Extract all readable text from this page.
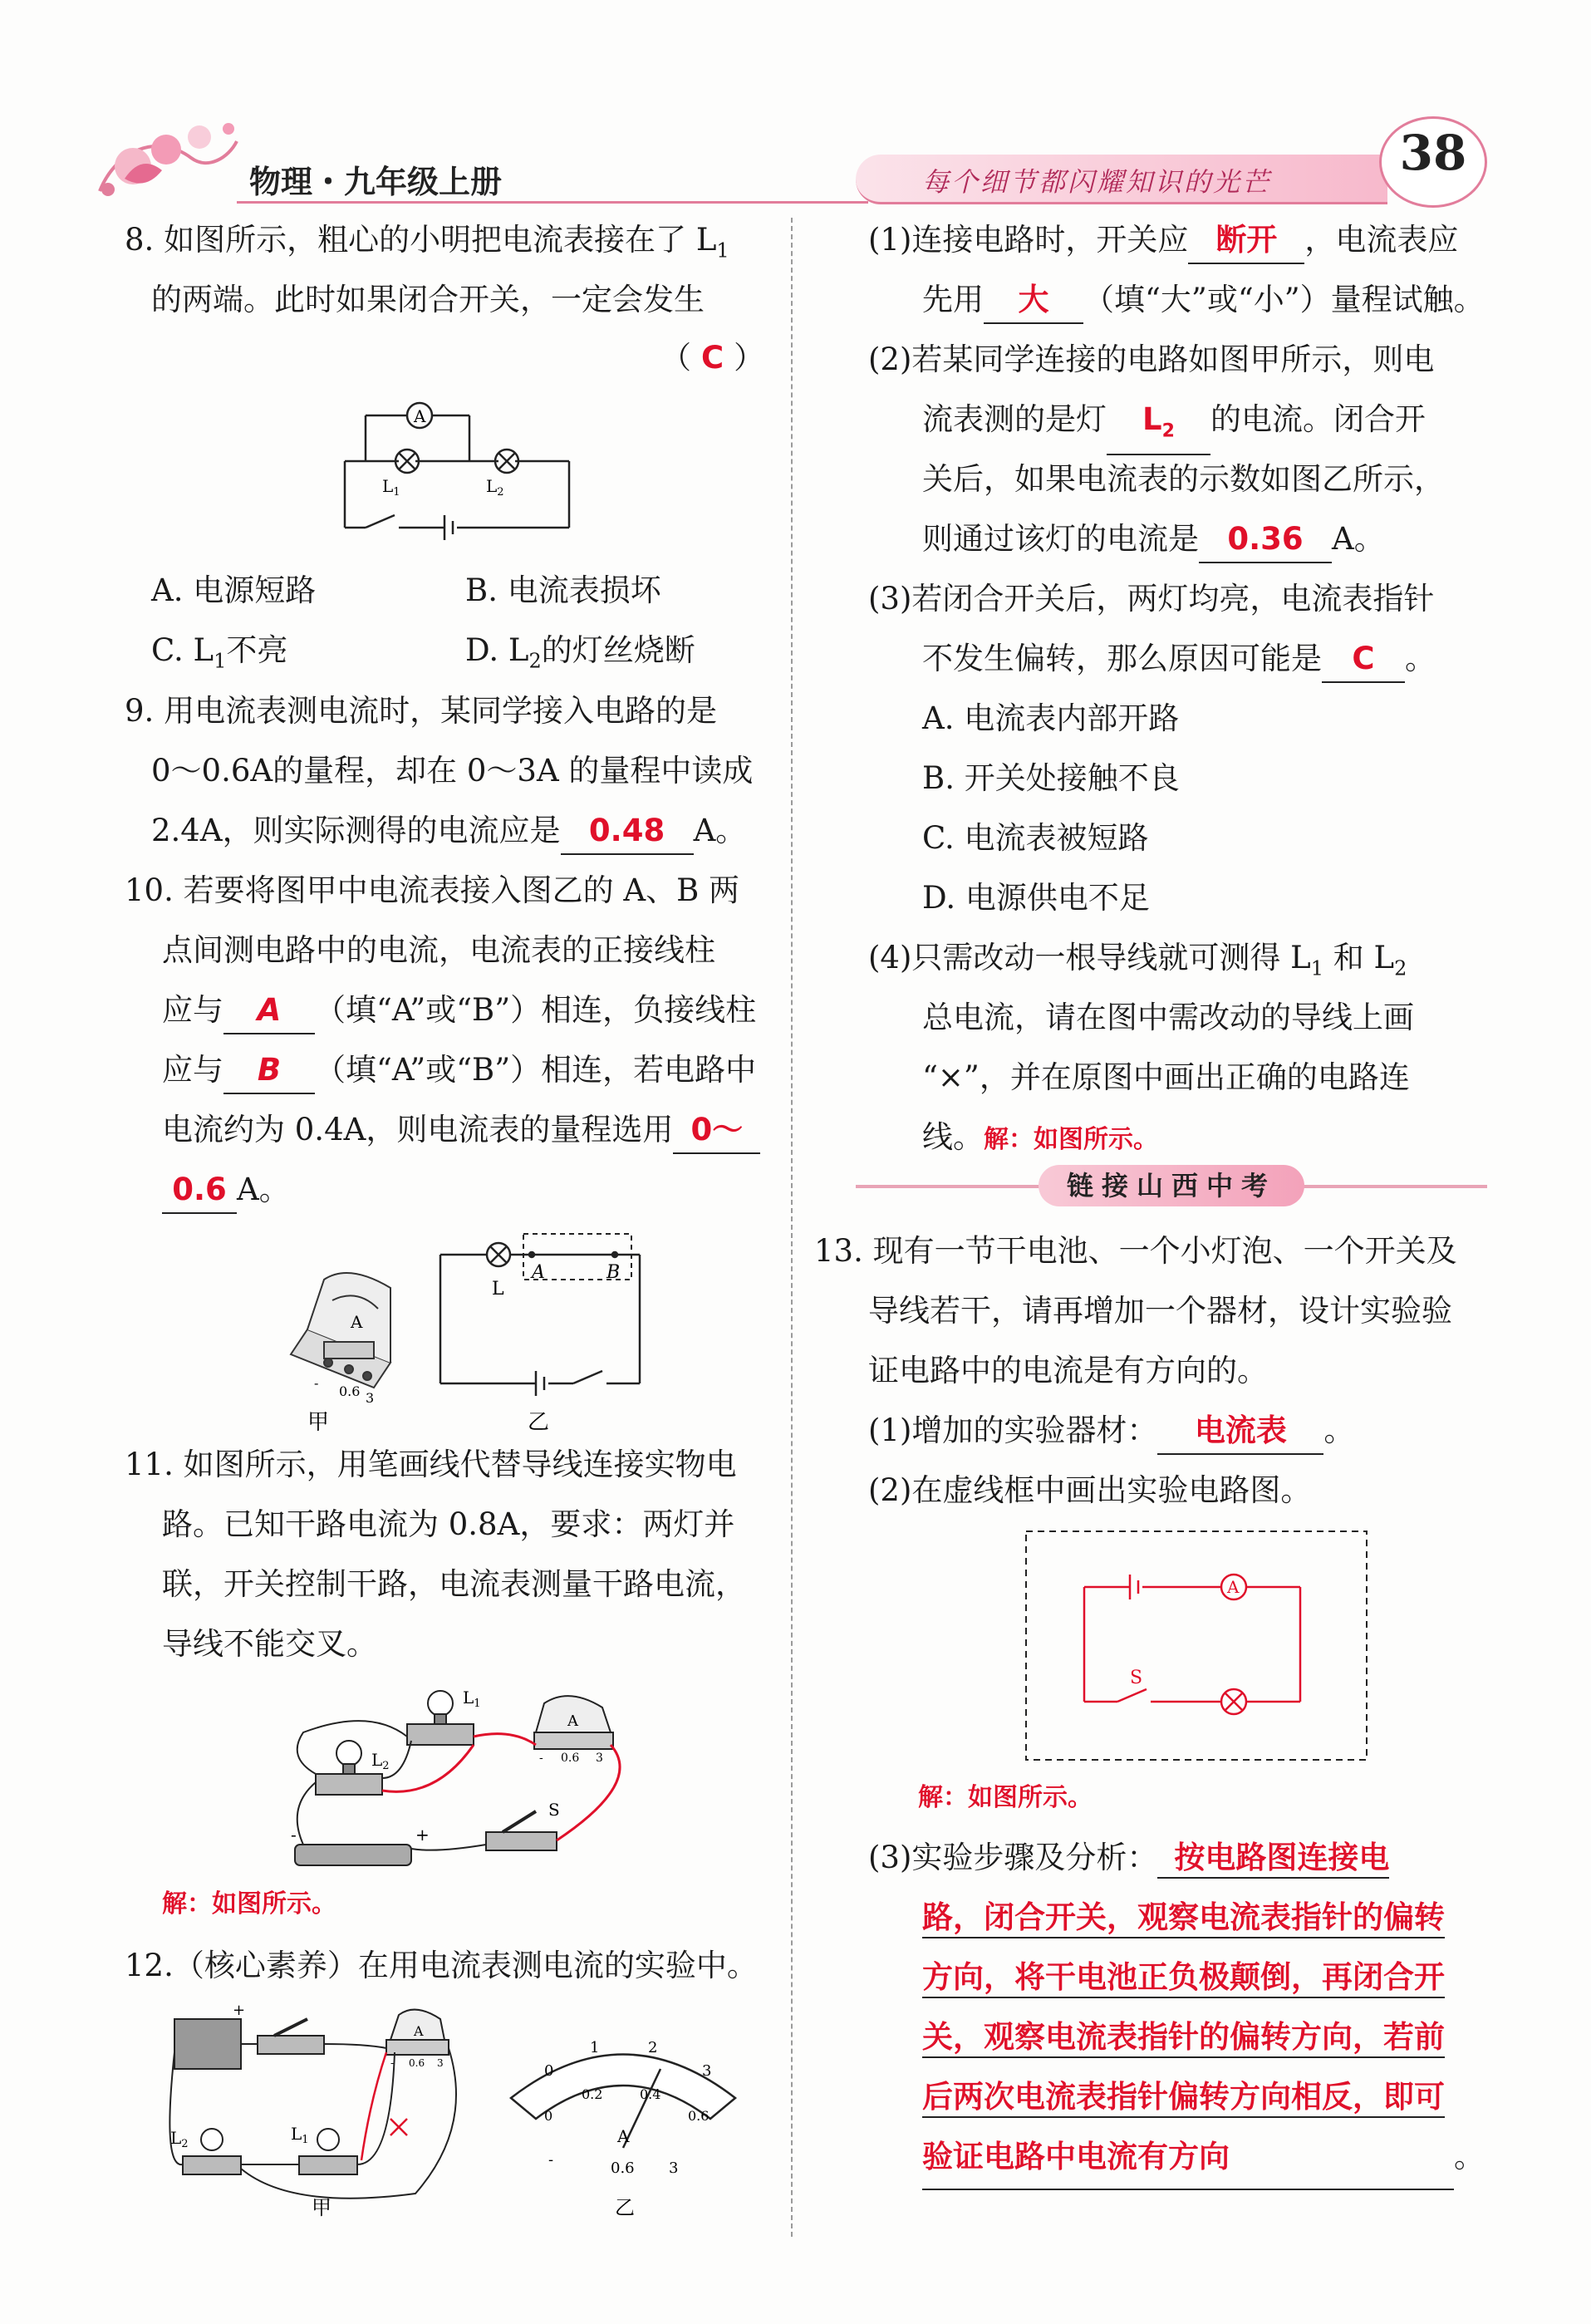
物理・九年级上册	每个细节都闪耀知识的光芒
38
8. 如图所示，粗心的小明把电流表接在了 $L_1$
的两端。此时如果闭合开关，一定会发生
（ C ）
A
$L_1$	$L_2$
A. 电源短路	B. 电流表损坏
C. $L_1$不亮	D. $L_2$的灯丝烧断
9. 用电流表测电流时，某同学接入电路的是
0～0.6A的量程，却在 0～3A 的量程中读成
2.4A，则实际测得的电流应是 0.48 A。
10. 若要将图甲中电流表接入图乙的 A、B 两
点间测电路中的电流，电流表的正接线柱
应与 A （填“A”或“B”）相连，负接线柱
应与 B （填“A”或“B”）相连，若电路中
电流约为 0.4A，则电流表的量程选用 0～
0.6 A。
A
-
0.6 3
甲
L
A	B
乙
11. 如图所示，用笔画线代替导线连接实物电
路。已知干路电流为 0.8A，要求：两灯并
联，开关控制干路，电流表测量干路电流，
导线不能交叉。
$L_1$
$L_2$
A
- 0.6 3
S
+
-
解：如图所示。
12.（核心素养）在用电流表测电流的实验中。
+
$L_2$
$L_1$
A
- 0.6 3
甲
0
1	2
3
0
0.2	0.4
0.6
A
-	0.6 3
乙
(1)连接电路时，开关应 断开 ，电流表应
先用 大 （填“大”或“小”）量程试触。
(2)若某同学连接的电路如图甲所示，则电
流表测的是灯 $L_2$ 的电流。闭合开
关后，如果电流表的示数如图乙所示，
则通过该灯的电流是 0.36 A。
(3)若闭合开关后，两灯均亮，电流表指针
不发生偏转，那么原因可能是 C 。
A. 电流表内部开路
B. 开关处接触不良
C. 电流表被短路
D. 电源供电不足
(4)只需改动一根导线就可测得 $L_1$ 和 $L_2$
总电流，请在图中需改动的导线上画
“×”，并在原图中画出正确的电路连
线。解：如图所示。
链接山西中考
13. 现有一节干电池、一个小灯泡、一个开关及
导线若干，请再增加一个器材，设计实验验
证电路中的电流是有方向的。
(1)增加的实验器材： 电流表 。
(2)在虚线框中画出实验电路图。
A
S
解：如图所示。
(3)实验步骤及分析： 按电路图连接电
路，闭合开关，观察电流表指针的偏转
方向，将干电池正负极颠倒，再闭合开
关，观察电流表指针的偏转方向，若前
后两次电流表指针偏转方向相反，即可
验证电路中电流有方向	。
